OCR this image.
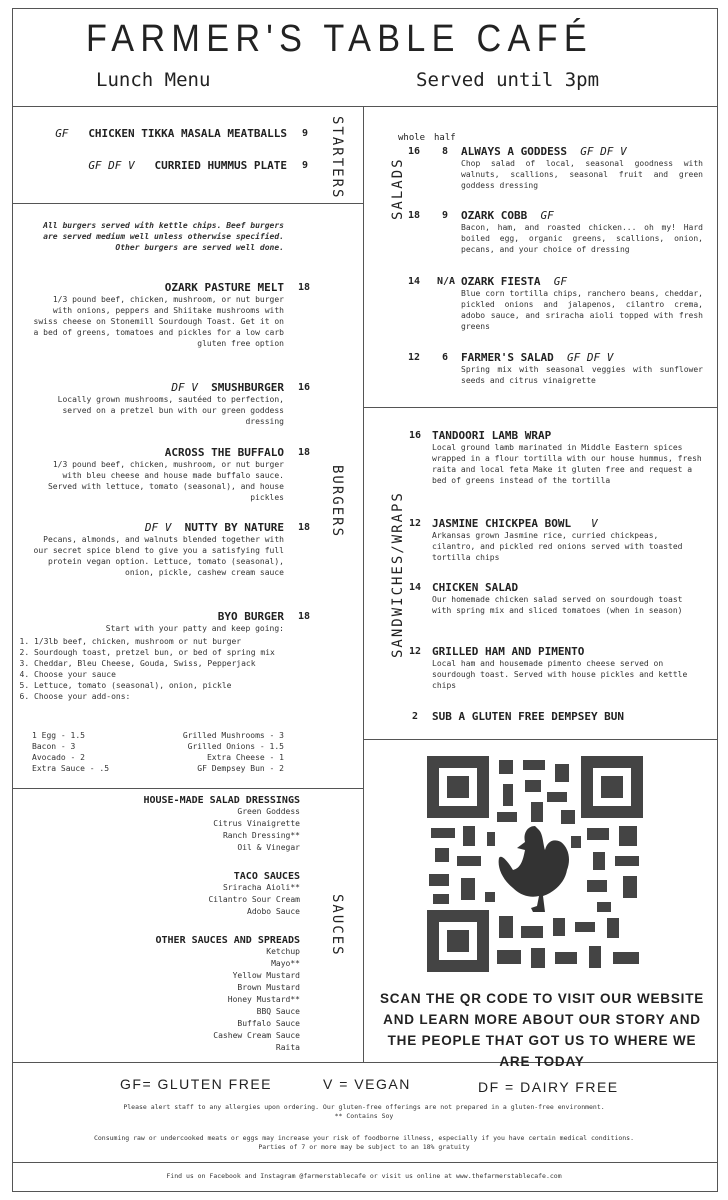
FARMER'S TABLE CAFÉ
Lunch Menu	Served until 3pm
STARTERS
BURGERS
SAUCES
SALADS
SANDWICHES/WRAPS
GF CHICKEN TIKKA MASALA MEATBALLS 9
GF DF V CURRIED HUMMUS PLATE 9
All burgers served with kettle chips. Beef burgers are served medium well unless otherwise specified. Other burgers are served well done.
OZARK PASTURE MELT
1/3 pound beef, chicken, mushroom, or nut burger with onions, peppers and Shiitake mushrooms with swiss cheese on Stonemill Sourdough Toast. Get it on a bed of greens, tomatoes and pickles for a low carb gluten free option
18
DF V SMUSHBURGER
Locally grown mushrooms, sautéed to perfection, served on a pretzel bun with our green goddess dressing
16
ACROSS THE BUFFALO
1/3 pound beef, chicken, mushroom, or nut burger with bleu cheese and house made buffalo sauce. Served with lettuce, tomato (seasonal), and house pickles
18
DF V NUTTY BY NATURE
Pecans, almonds, and walnuts blended together with our secret spice blend to give you a satisfying full protein vegan option. Lettuce, tomato (seasonal), onion, pickle, cashew cream sauce
18
BYO BURGER
Start with your patty and keep going:
18
1. 1/3lb beef, chicken, mushroom or nut burger
2. Sourdough toast, pretzel bun, or bed of spring mix
3. Cheddar, Bleu Cheese, Gouda, Swiss, Pepperjack
4. Choose your sauce
5. Lettuce, tomato (seasonal), onion, pickle
6. Choose your add-ons:
1 Egg - 1.5
Bacon - 3
Avocado - 2
Extra Sauce - .5
Grilled Mushrooms - 3
Grilled Onions - 1.5
Extra Cheese - 1
GF Dempsey Bun - 2
HOUSE-MADE SALAD DRESSINGS
Green Goddess
Citrus Vinaigrette
Ranch Dressing**
Oil & Vinegar
TACO SAUCES
Sriracha Aioli**
Cilantro Sour Cream
Adobo Sauce
OTHER SAUCES AND SPREADS
Ketchup
Mayo**
Yellow Mustard
Brown Mustard
Honey Mustard**
BBQ Sauce
Buffalo Sauce
Cashew Cream Sauce
Raita
whole half
16 8 ALWAYS A GODDESS GF DF V
Chop salad of local, seasonal goodness with walnuts, scallions, seasonal fruit and green goddess dressing
18 9 OZARK COBB GF
Bacon, ham, and roasted chicken... oh my! Hard boiled egg, organic greens, scallions, onion, pecans, and your choice of dressing
14 N/A OZARK FIESTA GF
Blue corn tortilla chips, ranchero beans, cheddar, pickled onions and jalapenos, cilantro crema, adobo sauce, and sriracha aioli topped with fresh greens
12 6 FARMER'S SALAD GF DF V
Spring mix with seasonal veggies with sunflower seeds and citrus vinaigrette
16 TANDOORI LAMB WRAP
Local ground lamb marinated in Middle Eastern spices wrapped in a flour tortilla with our house hummus, fresh raita and local feta Make it gluten free and request a bed of greens instead of the tortilla
12 JASMINE CHICKPEA BOWL V
Arkansas grown Jasmine rice, curried chickpeas, cilantro, and pickled red onions served with toasted tortilla chips
14 CHICKEN SALAD
Our homemade chicken salad served on sourdough toast with spring mix and sliced tomatoes (when in season)
12 GRILLED HAM AND PIMENTO
Local ham and housemade pimento cheese served on sourdough toast. Served with house pickles and kettle chips
2 SUB A GLUTEN FREE DEMPSEY BUN
SCAN THE QR CODE TO VISIT OUR WEBSITE AND LEARN MORE ABOUT OUR STORY AND THE PEOPLE THAT GOT US TO WHERE WE ARE TODAY
GF= GLUTEN FREE	V = VEGAN	DF = DAIRY FREE
Please alert staff to any allergies upon ordering. Our gluten-free offerings are not prepared in a gluten-free environment.
** Contains Soy
Consuming raw or undercooked meats or eggs may increase your risk of foodborne illness, especially if you have certain medical conditions.
Parties of 7 or more may be subject to an 18% gratuity
Find us on Facebook and Instagram @farmerstablecafe or visit us online at www.thefarmerstablecafe.com
